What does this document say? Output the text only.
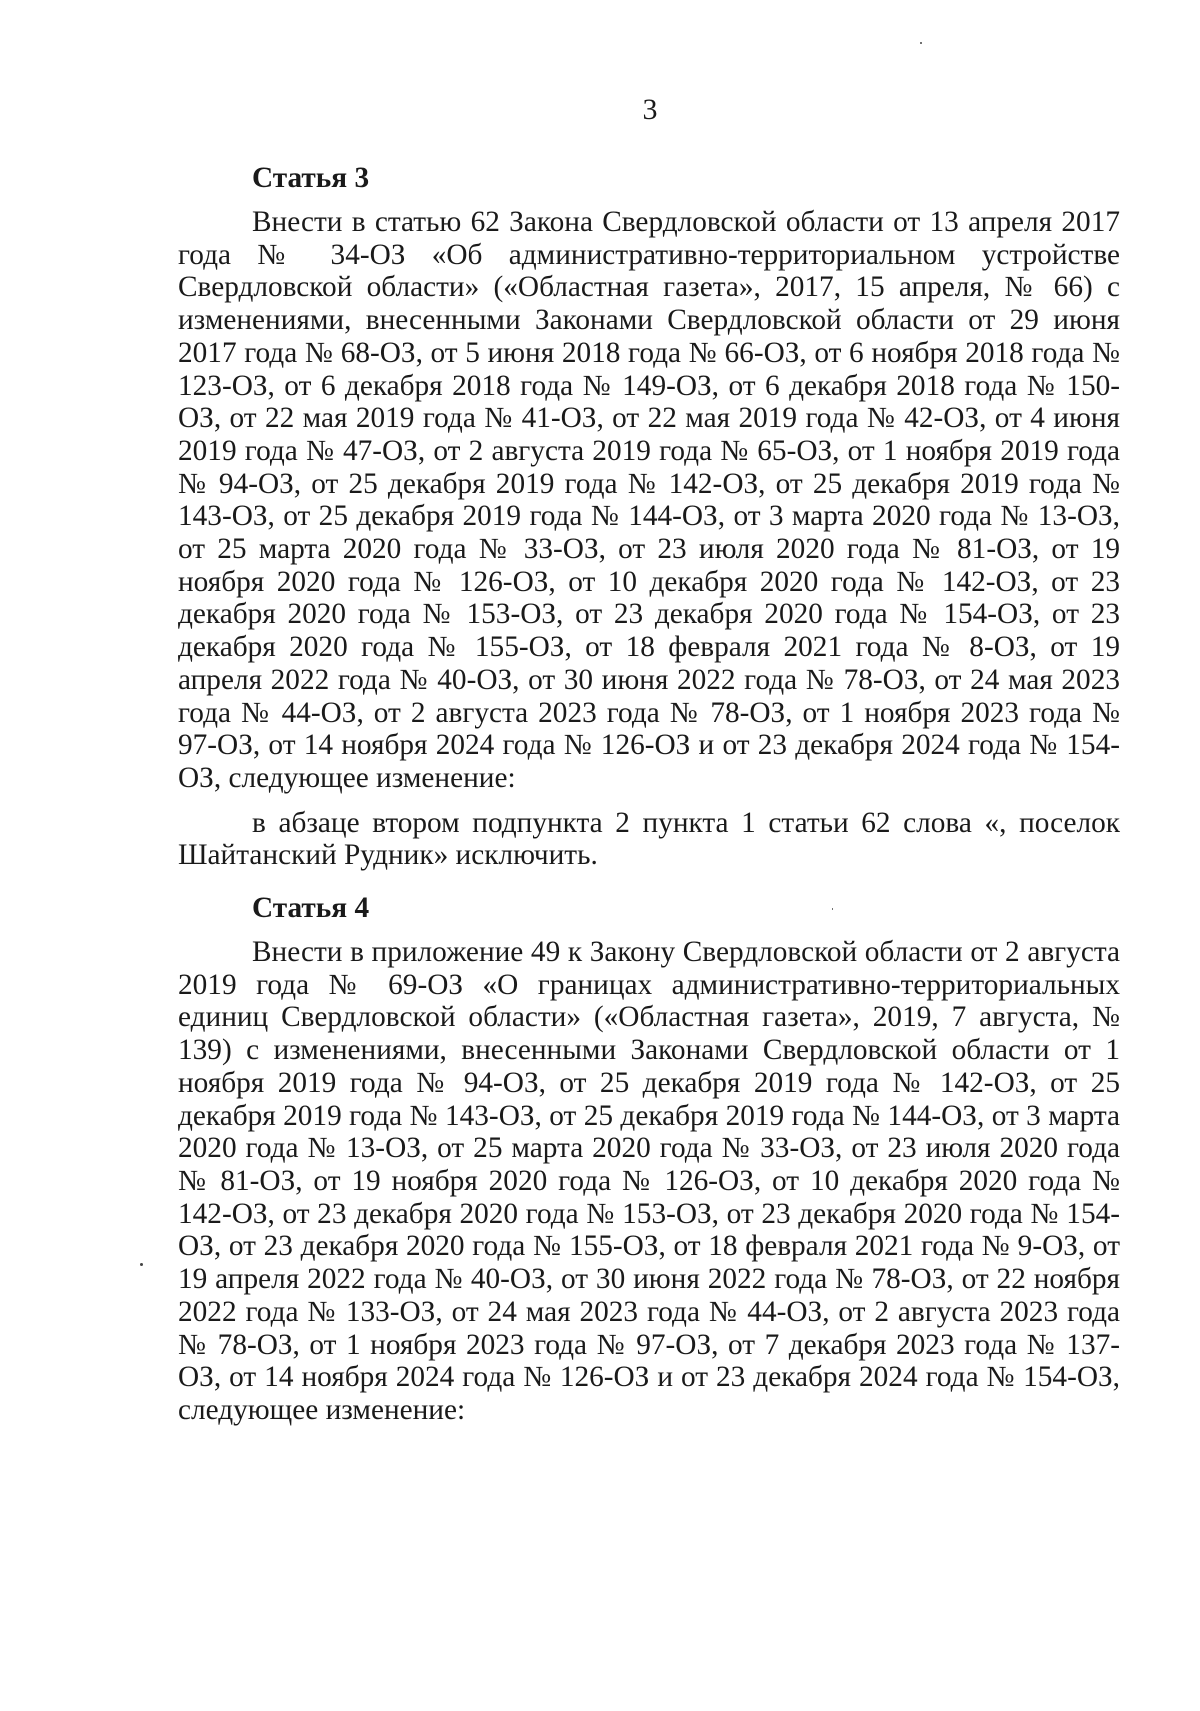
3
Статья 3

Внести в статью 62 Закона Свердловской области от 13 апреля 2017 года № 34-ОЗ «Об административно-территориальном устройстве Свердловской области» («Областная газета», 2017, 15 апреля, № 66) с изменениями, внесенными Законами Свердловской области от 29 июня 2017 года № 68-ОЗ, от 5 июня 2018 года № 66-ОЗ, от 6 ноября 2018 года № 123-ОЗ, от 6 декабря 2018 года № 149-ОЗ, от 6 декабря 2018 года № 150-ОЗ, от 22 мая 2019 года № 41-ОЗ, от 22 мая 2019 года № 42-ОЗ, от 4 июня 2019 года № 47-ОЗ, от 2 августа 2019 года № 65-ОЗ, от 1 ноября 2019 года № 94-ОЗ, от 25 декабря 2019 года № 142-ОЗ, от 25 декабря 2019 года № 143-ОЗ, от 25 декабря 2019 года № 144-ОЗ, от 3 марта 2020 года № 13-ОЗ, от 25 марта 2020 года № 33-ОЗ, от 23 июля 2020 года № 81-ОЗ, от 19 ноября 2020 года № 126-ОЗ, от 10 декабря 2020 года № 142-ОЗ, от 23 декабря 2020 года № 153-ОЗ, от 23 декабря 2020 года № 154-ОЗ, от 23 декабря 2020 года № 155-ОЗ, от 18 февраля 2021 года № 8-ОЗ, от 19 апреля 2022 года № 40-ОЗ, от 30 июня 2022 года № 78-ОЗ, от 24 мая 2023 года № 44-ОЗ, от 2 августа 2023 года № 78-ОЗ, от 1 ноября 2023 года № 97-ОЗ, от 14 ноября 2024 года № 126-ОЗ и от 23 декабря 2024 года № 154-ОЗ, следующее изменение:

в абзаце втором подпункта 2 пункта 1 статьи 62 слова «, поселок Шайтанский Рудник» исключить.

Статья 4

Внести в приложение 49 к Закону Свердловской области от 2 августа 2019 года № 69-ОЗ «О границах административно-территориальных единиц Свердловской области» («Областная газета», 2019, 7 августа, № 139) с изменениями, внесенными Законами Свердловской области от 1 ноября 2019 года № 94-ОЗ, от 25 декабря 2019 года № 142-ОЗ, от 25 декабря 2019 года № 143-ОЗ, от 25 декабря 2019 года № 144-ОЗ, от 3 марта 2020 года № 13-ОЗ, от 25 марта 2020 года № 33-ОЗ, от 23 июля 2020 года № 81-ОЗ, от 19 ноября 2020 года № 126-ОЗ, от 10 декабря 2020 года № 142-ОЗ, от 23 декабря 2020 года № 153-ОЗ, от 23 декабря 2020 года № 154-ОЗ, от 23 декабря 2020 года № 155-ОЗ, от 18 февраля 2021 года № 9-ОЗ, от 19 апреля 2022 года № 40-ОЗ, от 30 июня 2022 года № 78-ОЗ, от 22 ноября 2022 года № 133-ОЗ, от 24 мая 2023 года № 44-ОЗ, от 2 августа 2023 года № 78-ОЗ, от 1 ноября 2023 года № 97-ОЗ, от 7 декабря 2023 года № 137-ОЗ, от 14 ноября 2024 года № 126-ОЗ и от 23 декабря 2024 года № 154-ОЗ, следующее изменение:
